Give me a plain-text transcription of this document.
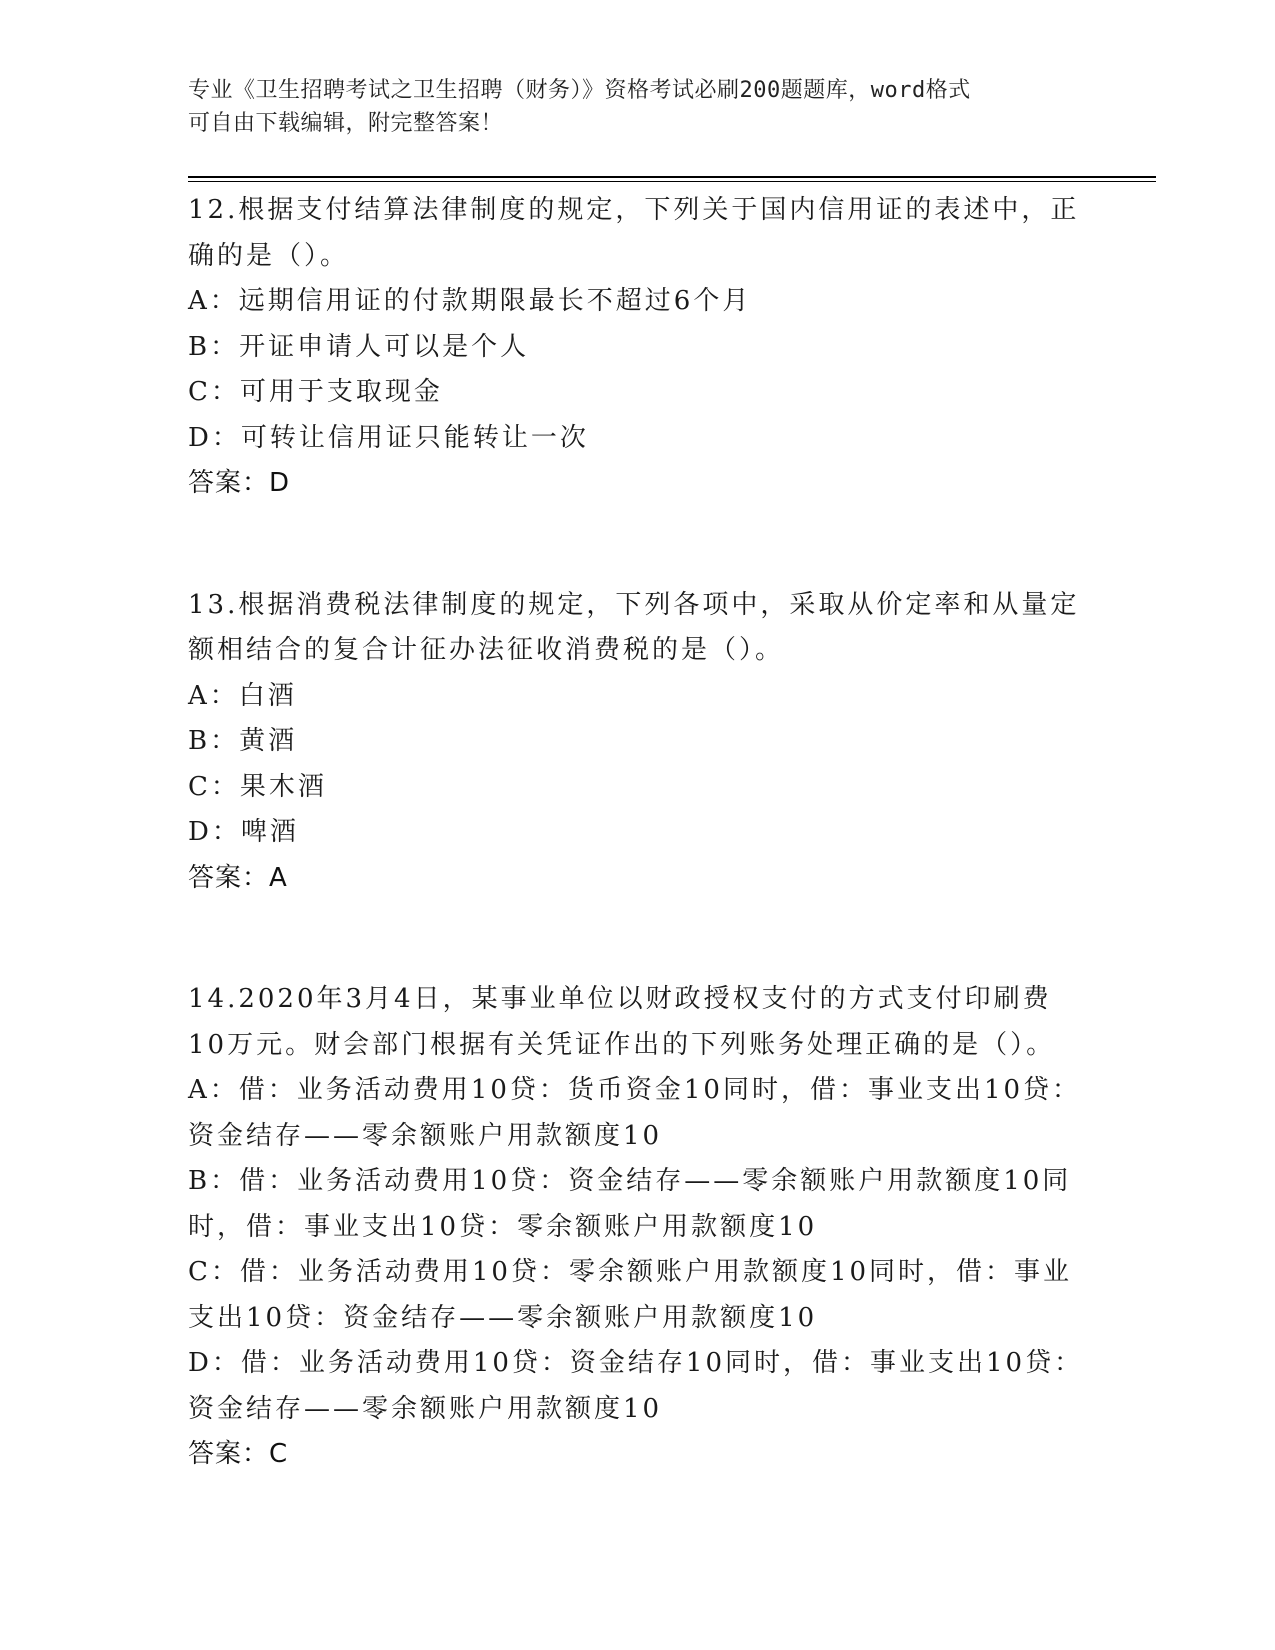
专业《卫生招聘考试之卫生招聘（财务）》资格考试必刷200题题库，word格式
可自由下载编辑，附完整答案！

12.根据支付结算法律制度的规定，下列关于国内信用证的表述中，正确的是（）。

A：远期信用证的付款期限最长不超过6个月

B：开证申请人可以是个人

C：可用于支取现金

D：可转让信用证只能转让一次

答案：D

13.根据消费税法律制度的规定，下列各项中，采取从价定率和从量定额相结合的复合计征办法征收消费税的是（）。

A：白酒

B：黄酒

C：果木酒

D：啤酒

答案：A

14.2020年3月4日，某事业单位以财政授权支付的方式支付印刷费10万元。财会部门根据有关凭证作出的下列账务处理正确的是（）。

A：借：业务活动费用10贷：货币资金10同时，借：事业支出10贷：资金结存——零余额账户用款额度10

B：借：业务活动费用10贷：资金结存——零余额账户用款额度10同时，借：事业支出10贷：零余额账户用款额度10

C：借：业务活动费用10贷：零余额账户用款额度10同时，借：事业支出10贷：资金结存——零余额账户用款额度10

D：借：业务活动费用10贷：资金结存10同时，借：事业支出10贷：资金结存——零余额账户用款额度10

答案：C
